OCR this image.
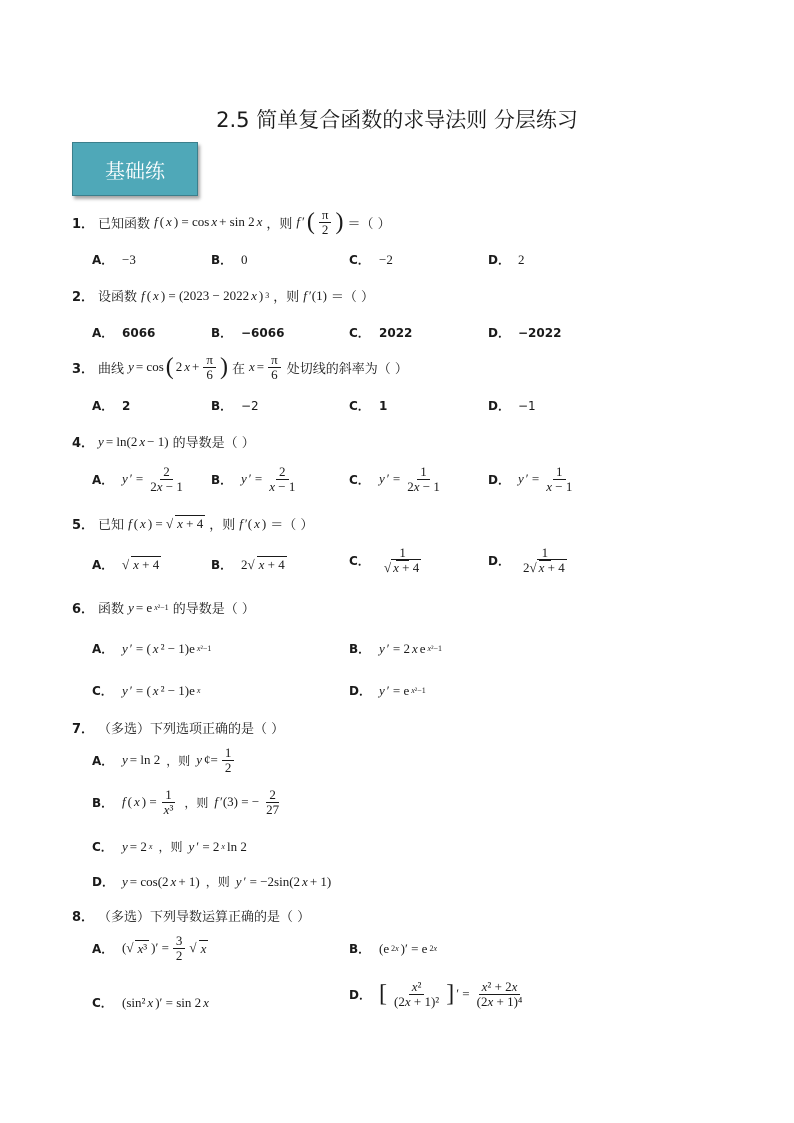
2.5 简单复合函数的求导法则 分层练习
基础练
1． 已知函数 f ( x ) = cos x + sin 2 x ，则 f ′ ( $\frac{\pi}{2}$ ) ＝（ ）
A． −3	B． 0	C． −2	D． 2
2． 设函数 f ( x ) = (2023 − 2022 x ) 3 ，则 f ′(1) ＝（ ）
A． 6066	B． −6066	C． 2022	D． −2022
3． 曲线 y = cos ( 2 $x + \frac{\pi}{6}$ ) 在 $x = \frac{\pi}{6}$ 处切线的斜率为（ ）
A． 2	B． −2	C． 1	D． −1
4． y = ln(2 x − 1) 的导数是（ ）
A． y ′ = $\frac{2}{2x - 1}$ B． y ′ = $\frac{2}{x - 1}$	C． y ′ = $\frac{1}{2x - 1}$	D． y ′ = $\frac{1}{x - 1}$
5． 已知 f ( x ) = √ x + 4 ，则 f ′( x ) ＝（ ）
A． √ x + 4	B． 2√ x + 4	C． $\frac{1}{√ x + 4}$	D． $\frac{1}{2√ x + 4}$
6． 函数 y = e x²−1 的导数是（ ）
A． y ′ = ( x ² − 1)e x²−1	B． y ′ = 2 x e x²−1
C． y ′ = ( x ² − 1)e x	D． y ′ = e x²−1
7． （多选）下列选项正确的是（ ）
A． y = ln 2 ，则 y ¢= $\frac{1}{2}$
B． f ( x ) = $\frac{1}{\text{x³}}$ ，则 f ′(3) = − $\frac{2}{27}$
C． y = 2 x ，则 y ′ = 2 x ln 2
D． y = cos(2 x + 1) ，则 y ′ = −2sin(2 x + 1)
8． （多选）下列导数运算正确的是（ ）
A． (√ x³ )′ = $\frac{3}{2}$ √ x	B． (e 2x )′ = e 2x
C． (sin² x )′ = sin 2 x	D． [ $\frac{\text{x²}}{\text{(2x + 1)²}}$ ] ′ = $\frac{\text{x² + 2x}}{\text{(2x + 1)⁴}}$
